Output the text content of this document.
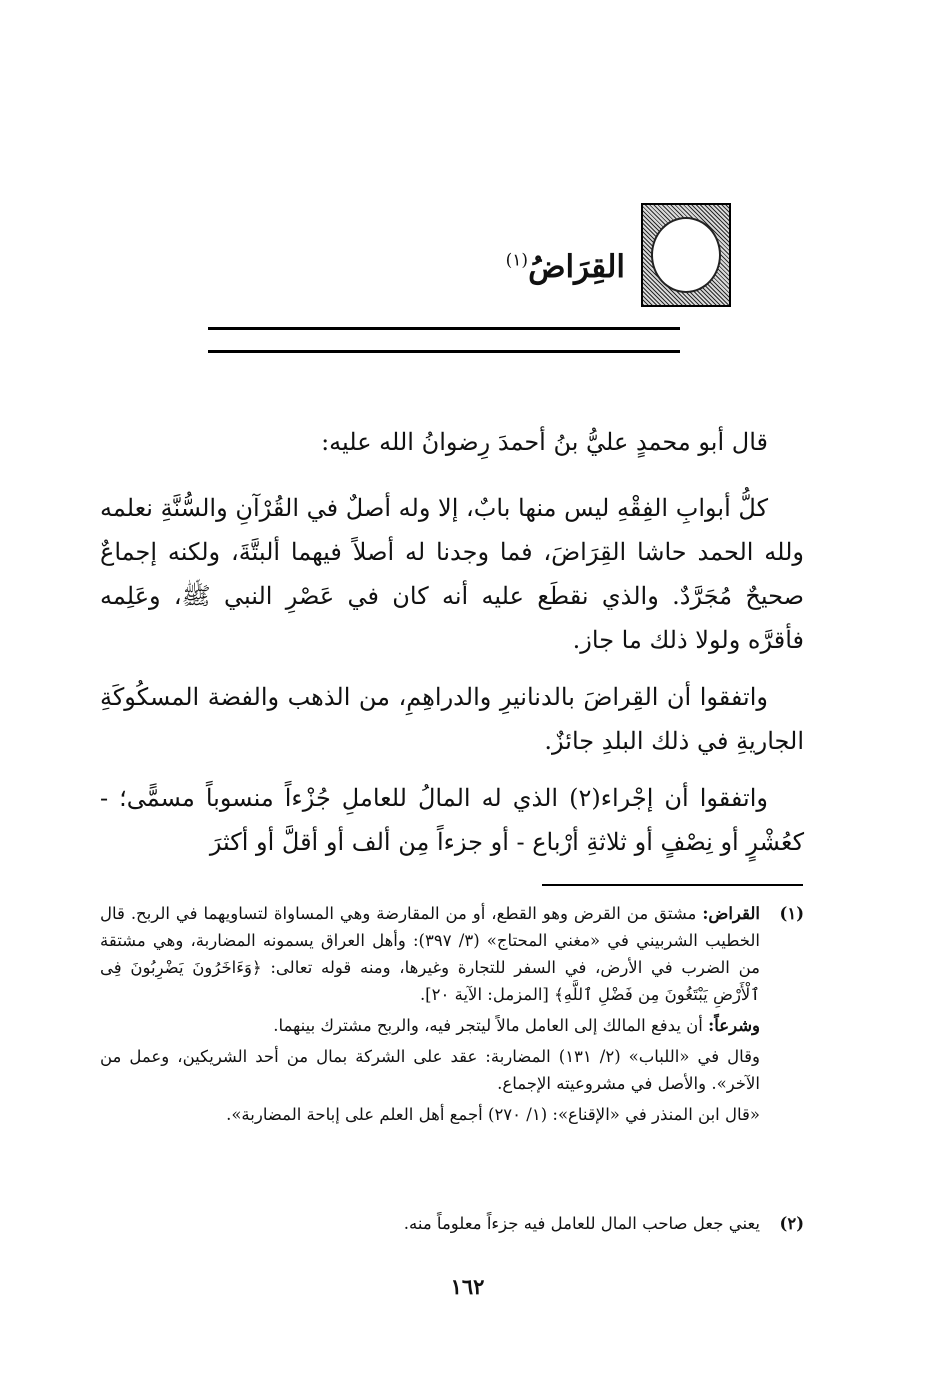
القِرَاضُ$^{(١)}$

قال أبو محمدٍ عليُّ بنُ أحمدَ رِضوانُ الله عليه:

كلُّ أبوابِ الفِقْهِ ليس منها بابٌ، إلا وله أصلٌ في القُرْآنِ والسُّنَّةِ نعلمه ولله الحمد حاشا القِرَاضَ، فما وجدنا له أصلاً فيهما ألبتَّةَ، ولكنه إجماعٌ صحيحٌ مُجَرَّدٌ. والذي نقطَع عليه أنه كان في عَصْرِ النبي ﷺ، وعَلِمه فأقرَّه ولولا ذلك ما جاز.

واتفقوا أن القِراضَ بالدنانيرِ والدراهِمِ، من الذهب والفضة المسكُوكَةِ الجاريةِ في ذلك البلدِ جائزٌ.

واتفقوا أن إجْراء(٢) الذي له المالُ للعاملِ جُزْءاً منسوباً مسمًّى؛ - كعُشْرٍ أو نِصْفٍ أو ثلاثةِ أرْباع - أو جزءاً مِن ألف أو أقلَّ أو أكثرَ

(١)

القراض: مشتق من القرض وهو القطع، أو من المقارضة وهي المساواة لتساويهما في الربح. قال الخطيب الشربيني في «مغني المحتاج» (٣/ ٣٩٧): وأهل العراق يسمونه المضاربة، وهي مشتقة من الضرب في الأرض، في السفر للتجارة وغيرها، ومنه قوله تعالى: ﴿وَءَاخَرُونَ يَضْرِبُونَ فِى ٱلْأَرْضِ يَبْتَغُونَ مِن فَضْلِ ٱللَّهِ﴾ [المزمل: الآية ٢٠].

وشرعاً: أن يدفع المالك إلى العامل مالاً ليتجر فيه، والربح مشترك بينهما.

وقال في «اللباب» (٢/ ١٣١) المضاربة: عقد على الشركة بمال من أحد الشريكين، وعمل من الآخر». والأصل في مشروعيته الإجماع.

«قال ابن المنذر في «الإقناع»: (١/ ٢٧٠) أجمع أهل العلم على إباحة المضاربة».

(٢)

يعني جعل صاحب المال للعامل فيه جزءاً معلوماً منه.

١٦٢
